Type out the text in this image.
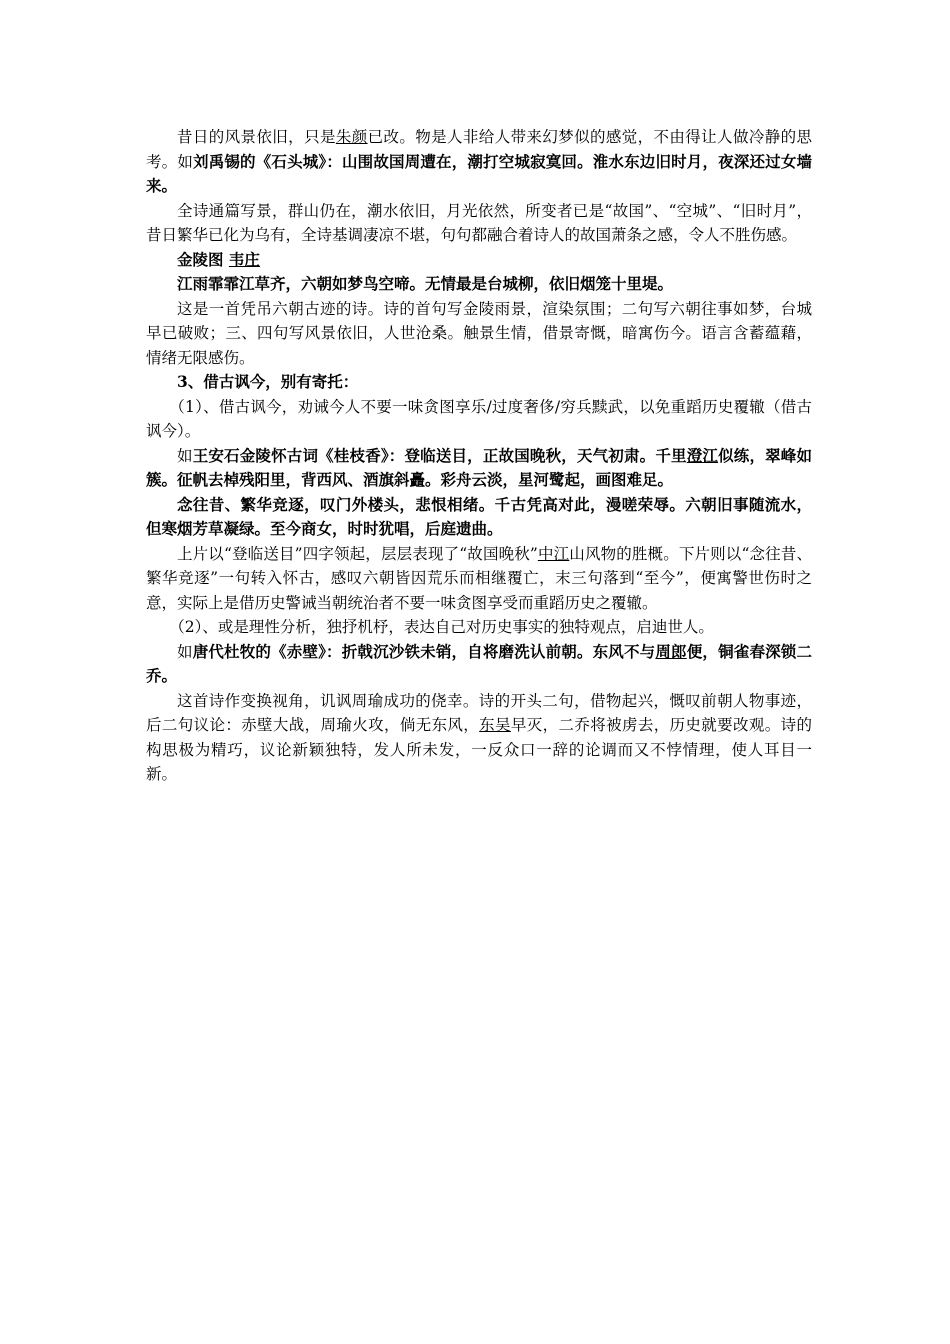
昔日的风景依旧，只是朱颜已改。物是人非给人带来幻梦似的感觉，不由得让人做冷静的思考。如刘禹锡的《石头城》：山围故国周遭在，潮打空城寂寞回。淮水东边旧时月，夜深还过女墙来。

全诗通篇写景，群山仍在，潮水依旧，月光依然，所变者已是“故国”、“空城”、“旧时月”，昔日繁华已化为乌有，全诗基调凄凉不堪，句句都融合着诗人的故国萧条之感，令人不胜伤感。

金陵图 韦庄

江雨霏霏江草齐，六朝如梦鸟空啼。无情最是台城柳，依旧烟笼十里堤。

这是一首凭吊六朝古迹的诗。诗的首句写金陵雨景，渲染氛围；二句写六朝往事如梦，台城早已破败；三、四句写风景依旧，人世沧桑。触景生情，借景寄慨，暗寓伤今。语言含蓄蕴藉，情绪无限感伤。

3、借古讽今，别有寄托：

（1）、借古讽今，劝诫今人不要一味贪图享乐/过度奢侈/穷兵黩武，以免重蹈历史覆辙（借古讽今）。

如王安石金陵怀古词《桂枝香》：登临送目，正故国晚秋，天气初肃。千里澄江似练，翠峰如簇。征帆去棹残阳里，背西风、酒旗斜矗。彩舟云淡，星河鹭起，画图难足。

念往昔、繁华竞逐，叹门外楼头，悲恨相绪。千古凭高对此，漫嗟荣辱。六朝旧事随流水，但寒烟芳草凝绿。至今商女，时时犹唱，后庭遗曲。

上片以“登临送目”四字领起，层层表现了“故国晚秋”中江山风物的胜概。下片则以“念往昔、繁华竞逐”一句转入怀古，感叹六朝皆因荒乐而相继覆亡，末三句落到“至今”，便寓警世伤时之意，实际上是借历史警诫当朝统治者不要一味贪图享受而重蹈历史之覆辙。

（2）、或是理性分析，独抒机杼，表达自己对历史事实的独特观点，启迪世人。

如唐代杜牧的《赤壁》：折戟沉沙铁未销，自将磨洗认前朝。东风不与周郎便，铜雀春深锁二乔。

这首诗作变换视角，讥讽周瑜成功的侥幸。诗的开头二句，借物起兴，慨叹前朝人物事迹，后二句议论：赤壁大战，周瑜火攻，倘无东风，东吴早灭，二乔将被虏去，历史就要改观。诗的构思极为精巧，议论新颖独特，发人所未发，一反众口一辞的论调而又不悖情理，使人耳目一新。
